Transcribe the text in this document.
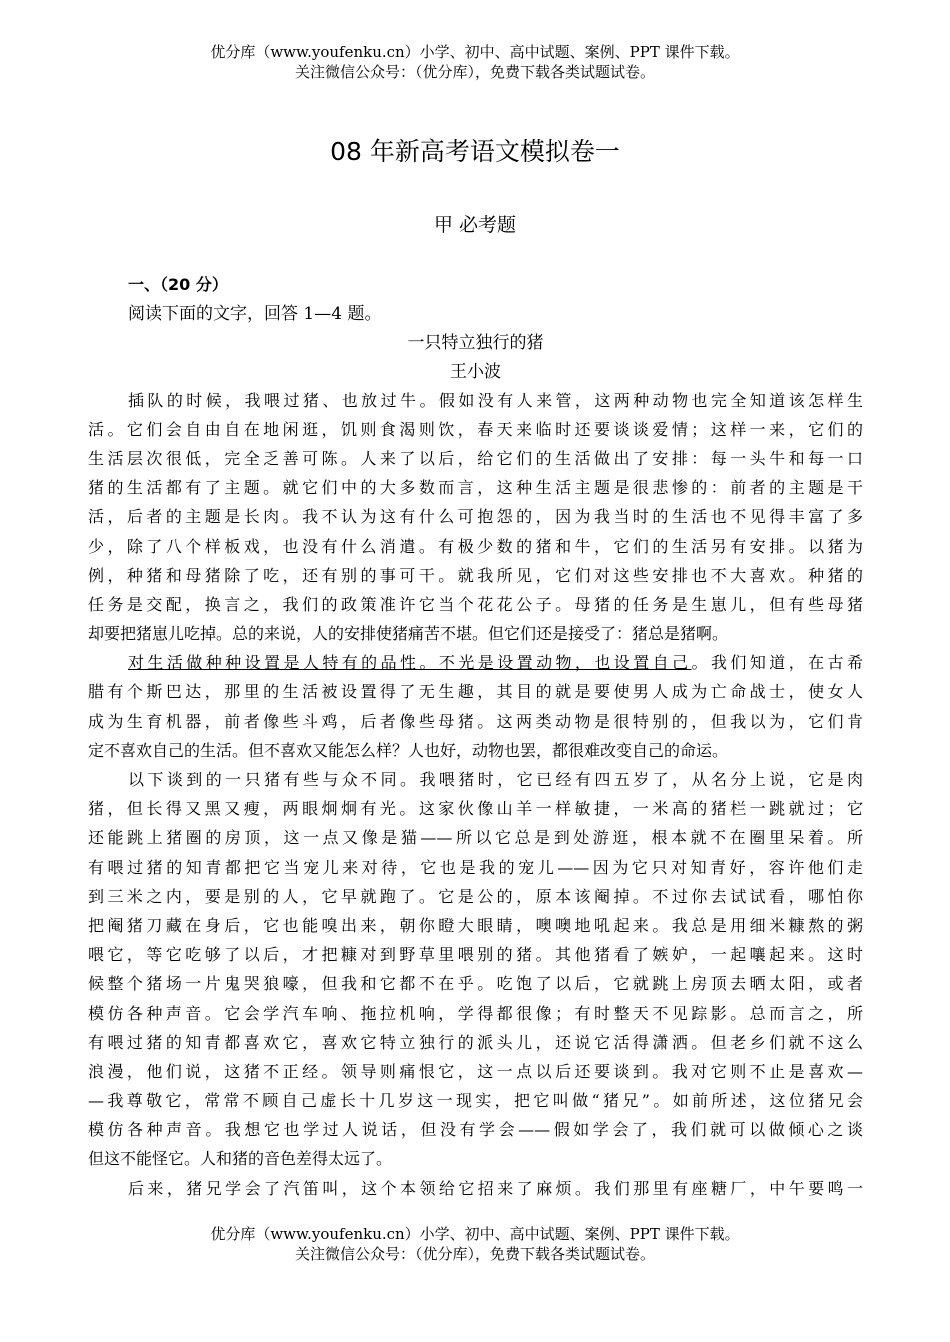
优分库（www.youfenku.cn）小学、初中、高中试题、案例、PPT 课件下载。
关注微信公众号：（优分库），免费下载各类试题试卷。
08 年新高考语文模拟卷一
甲 必考题
一、（20 分）
阅读下面的文字，回答 1—4 题。
一只特立独行的猪
王小波
插队的时候，我喂过猪、也放过牛。假如没有人来管，这两种动物也完全知道该怎样生
活。它们会自由自在地闲逛，饥则食渴则饮，春天来临时还要谈谈爱情；这样一来，它们的
生活层次很低，完全乏善可陈。人来了以后，给它们的生活做出了安排：每一头牛和每一口
猪的生活都有了主题。就它们中的大多数而言，这种生活主题是很悲惨的：前者的主题是干
活，后者的主题是长肉。我不认为这有什么可抱怨的，因为我当时的生活也不见得丰富了多
少，除了八个样板戏，也没有什么消遣。有极少数的猪和牛，它们的生活另有安排。以猪为
例，种猪和母猪除了吃，还有别的事可干。就我所见，它们对这些安排也不大喜欢。种猪的
任务是交配，换言之，我们的政策准许它当个花花公子。母猪的任务是生崽儿，但有些母猪
却要把猪崽儿吃掉。总的来说，人的安排使猪痛苦不堪。但它们还是接受了：猪总是猪啊。
对生活做种种设置是人特有的品性。不光是设置动物，也设置自己。我们知道，在古希
腊有个斯巴达，那里的生活被设置得了无生趣，其目的就是要使男人成为亡命战士，使女人
成为生育机器，前者像些斗鸡，后者像些母猪。这两类动物是很特别的，但我以为，它们肯
定不喜欢自己的生活。但不喜欢又能怎么样？人也好，动物也罢，都很难改变自己的命运。
以下谈到的一只猪有些与众不同。我喂猪时，它已经有四五岁了，从名分上说，它是肉
猪，但长得又黑又瘦，两眼炯炯有光。这家伙像山羊一样敏捷，一米高的猪栏一跳就过；它
还能跳上猪圈的房顶，这一点又像是猫——所以它总是到处游逛，根本就不在圈里呆着。所
有喂过猪的知青都把它当宠儿来对待，它也是我的宠儿——因为它只对知青好，容许他们走
到三米之内，要是别的人，它早就跑了。它是公的，原本该阉掉。不过你去试试看，哪怕你
把阉猪刀藏在身后，它也能嗅出来，朝你瞪大眼睛，噢噢地吼起来。我总是用细米糠熬的粥
喂它，等它吃够了以后，才把糠对到野草里喂别的猪。其他猪看了嫉妒，一起嚷起来。这时
候整个猪场一片鬼哭狼嚎，但我和它都不在乎。吃饱了以后，它就跳上房顶去晒太阳，或者
模仿各种声音。它会学汽车响、拖拉机响，学得都很像；有时整天不见踪影。总而言之，所
有喂过猪的知青都喜欢它，喜欢它特立独行的派头儿，还说它活得潇洒。但老乡们就不这么
浪漫，他们说，这猪不正经。领导则痛恨它，这一点以后还要谈到。我对它则不止是喜欢—
—我尊敬它，常常不顾自己虚长十几岁这一现实，把它叫做“猪兄”。如前所述，这位猪兄会
模仿各种声音。我想它也学过人说话，但没有学会——假如学会了，我们就可以做倾心之谈
但这不能怪它。人和猪的音色差得太远了。
后来，猪兄学会了汽笛叫，这个本领给它招来了麻烦。我们那里有座糖厂，中午要鸣一
优分库（www.youfenku.cn）小学、初中、高中试题、案例、PPT 课件下载。
关注微信公众号：（优分库），免费下载各类试题试卷。
